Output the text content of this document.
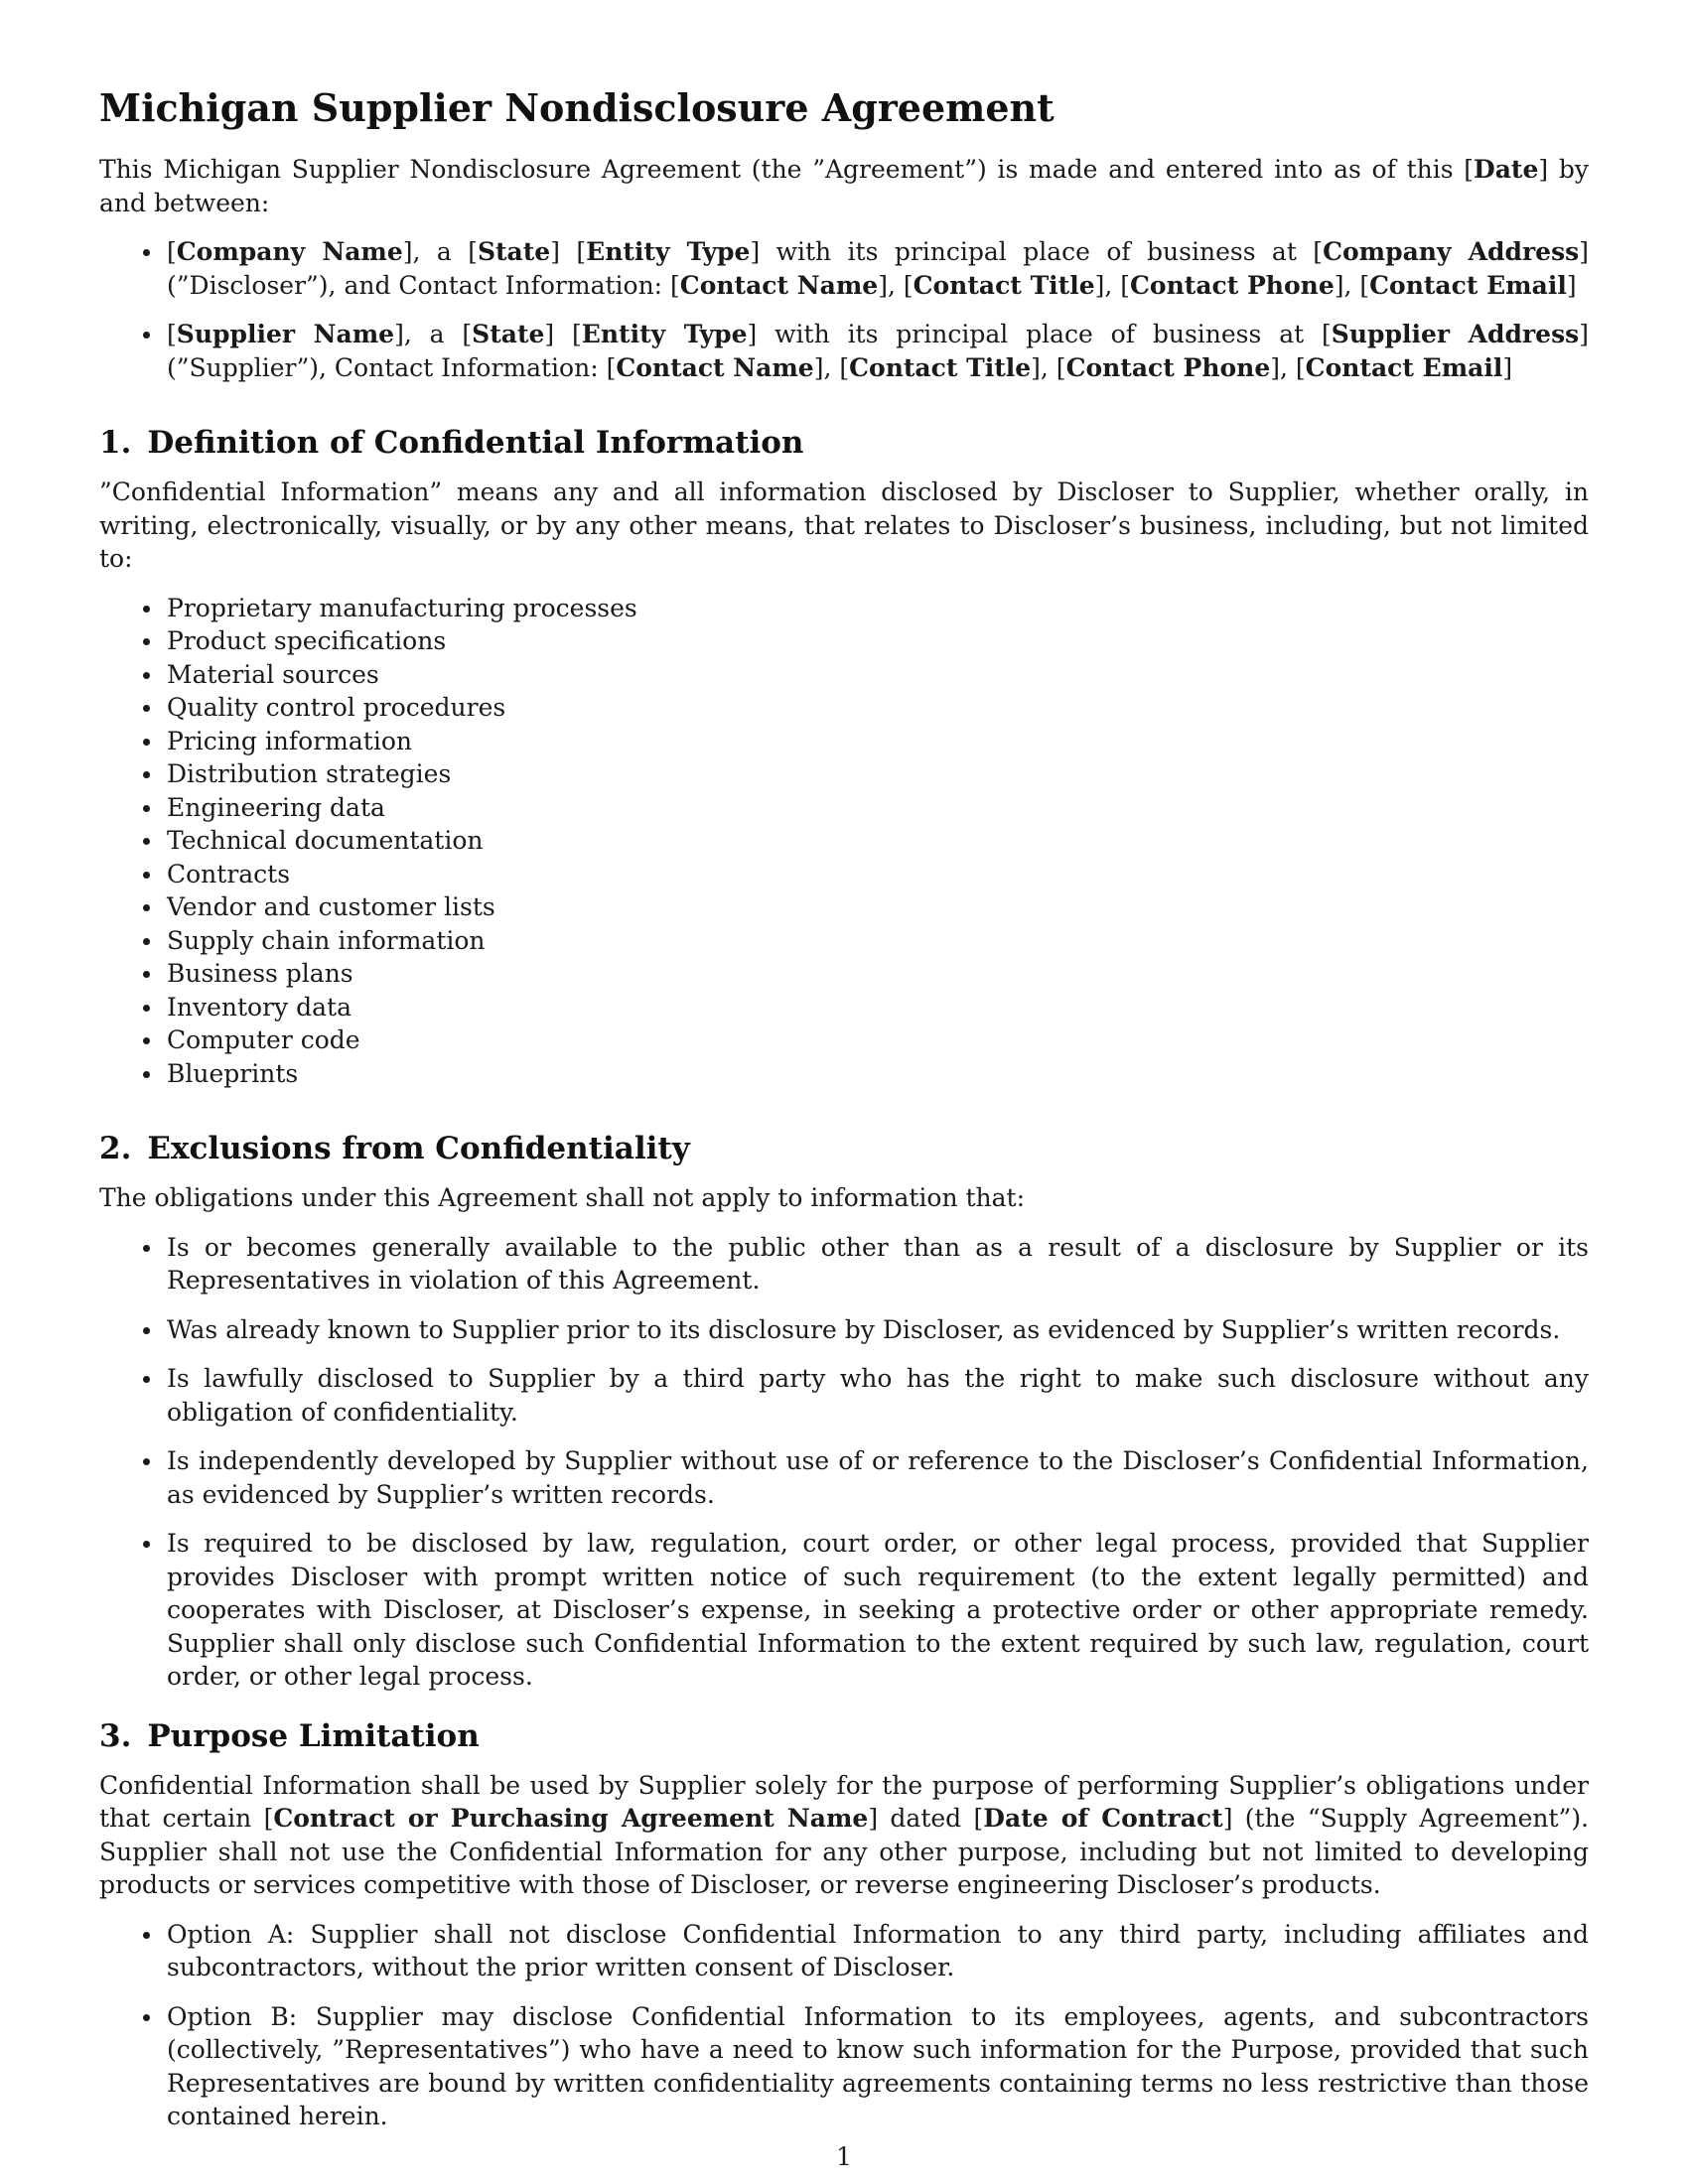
Michigan Supplier Nondisclosure Agreement

This Michigan Supplier Nondisclosure Agreement (the ”Agreement”) is made and entered into as of this [Date] by and between:

[Company Name], a [State] [Entity Type] with its principal place of business at [Company Address] (”Discloser”), and Contact Information: [Contact Name], [Contact Title], [Contact Phone], [Contact Email]
[Supplier Name], a [State] [Entity Type] with its principal place of business at [Supplier Address] (”Supplier”), Contact Information: [Contact Name], [Contact Title], [Contact Phone], [Contact Email]
1. Definition of Confidential Information

”Confidential Information” means any and all information disclosed by Discloser to Supplier, whether orally, in writing, electronically, visually, or by any other means, that relates to Discloser’s business, including, but not limited to:

Proprietary manufacturing processes
Product specifications
Material sources
Quality control procedures
Pricing information
Distribution strategies
Engineering data
Technical documentation
Contracts
Vendor and customer lists
Supply chain information
Business plans
Inventory data
Computer code
Blueprints
2. Exclusions from Confidentiality

The obligations under this Agreement shall not apply to information that:

Is or becomes generally available to the public other than as a result of a disclosure by Supplier or its Representatives in violation of this Agreement.
Was already known to Supplier prior to its disclosure by Discloser, as evidenced by Supplier’s written records.
Is lawfully disclosed to Supplier by a third party who has the right to make such disclosure without any obligation of confidentiality.
Is independently developed by Supplier without use of or reference to the Discloser’s Confidential Information, as evidenced by Supplier’s written records.
Is required to be disclosed by law, regulation, court order, or other legal process, provided that Supplier provides Discloser with prompt written notice of such requirement (to the extent legally permitted) and cooperates with Discloser, at Discloser’s expense, in seeking a protective order or other appropriate remedy. Supplier shall only disclose such Confidential Information to the extent required by such law, regulation, court order, or other legal process.
3. Purpose Limitation

Confidential Information shall be used by Supplier solely for the purpose of performing Supplier’s obligations under that certain [Contract or Purchasing Agreement Name] dated [Date of Contract] (the “Supply Agreement”). Supplier shall not use the Confidential Information for any other purpose, including but not limited to developing products or services competitive with those of Discloser, or reverse engineering Discloser’s products.

Option A: Supplier shall not disclose Confidential Information to any third party, including affiliates and subcontractors, without the prior written consent of Discloser.
Option B: Supplier may disclose Confidential Information to its employees, agents, and subcontractors (collectively, ”Representatives”) who have a need to know such information for the Purpose, provided that such Representatives are bound by written confidentiality agreements containing terms no less restrictive than those contained herein.
1
